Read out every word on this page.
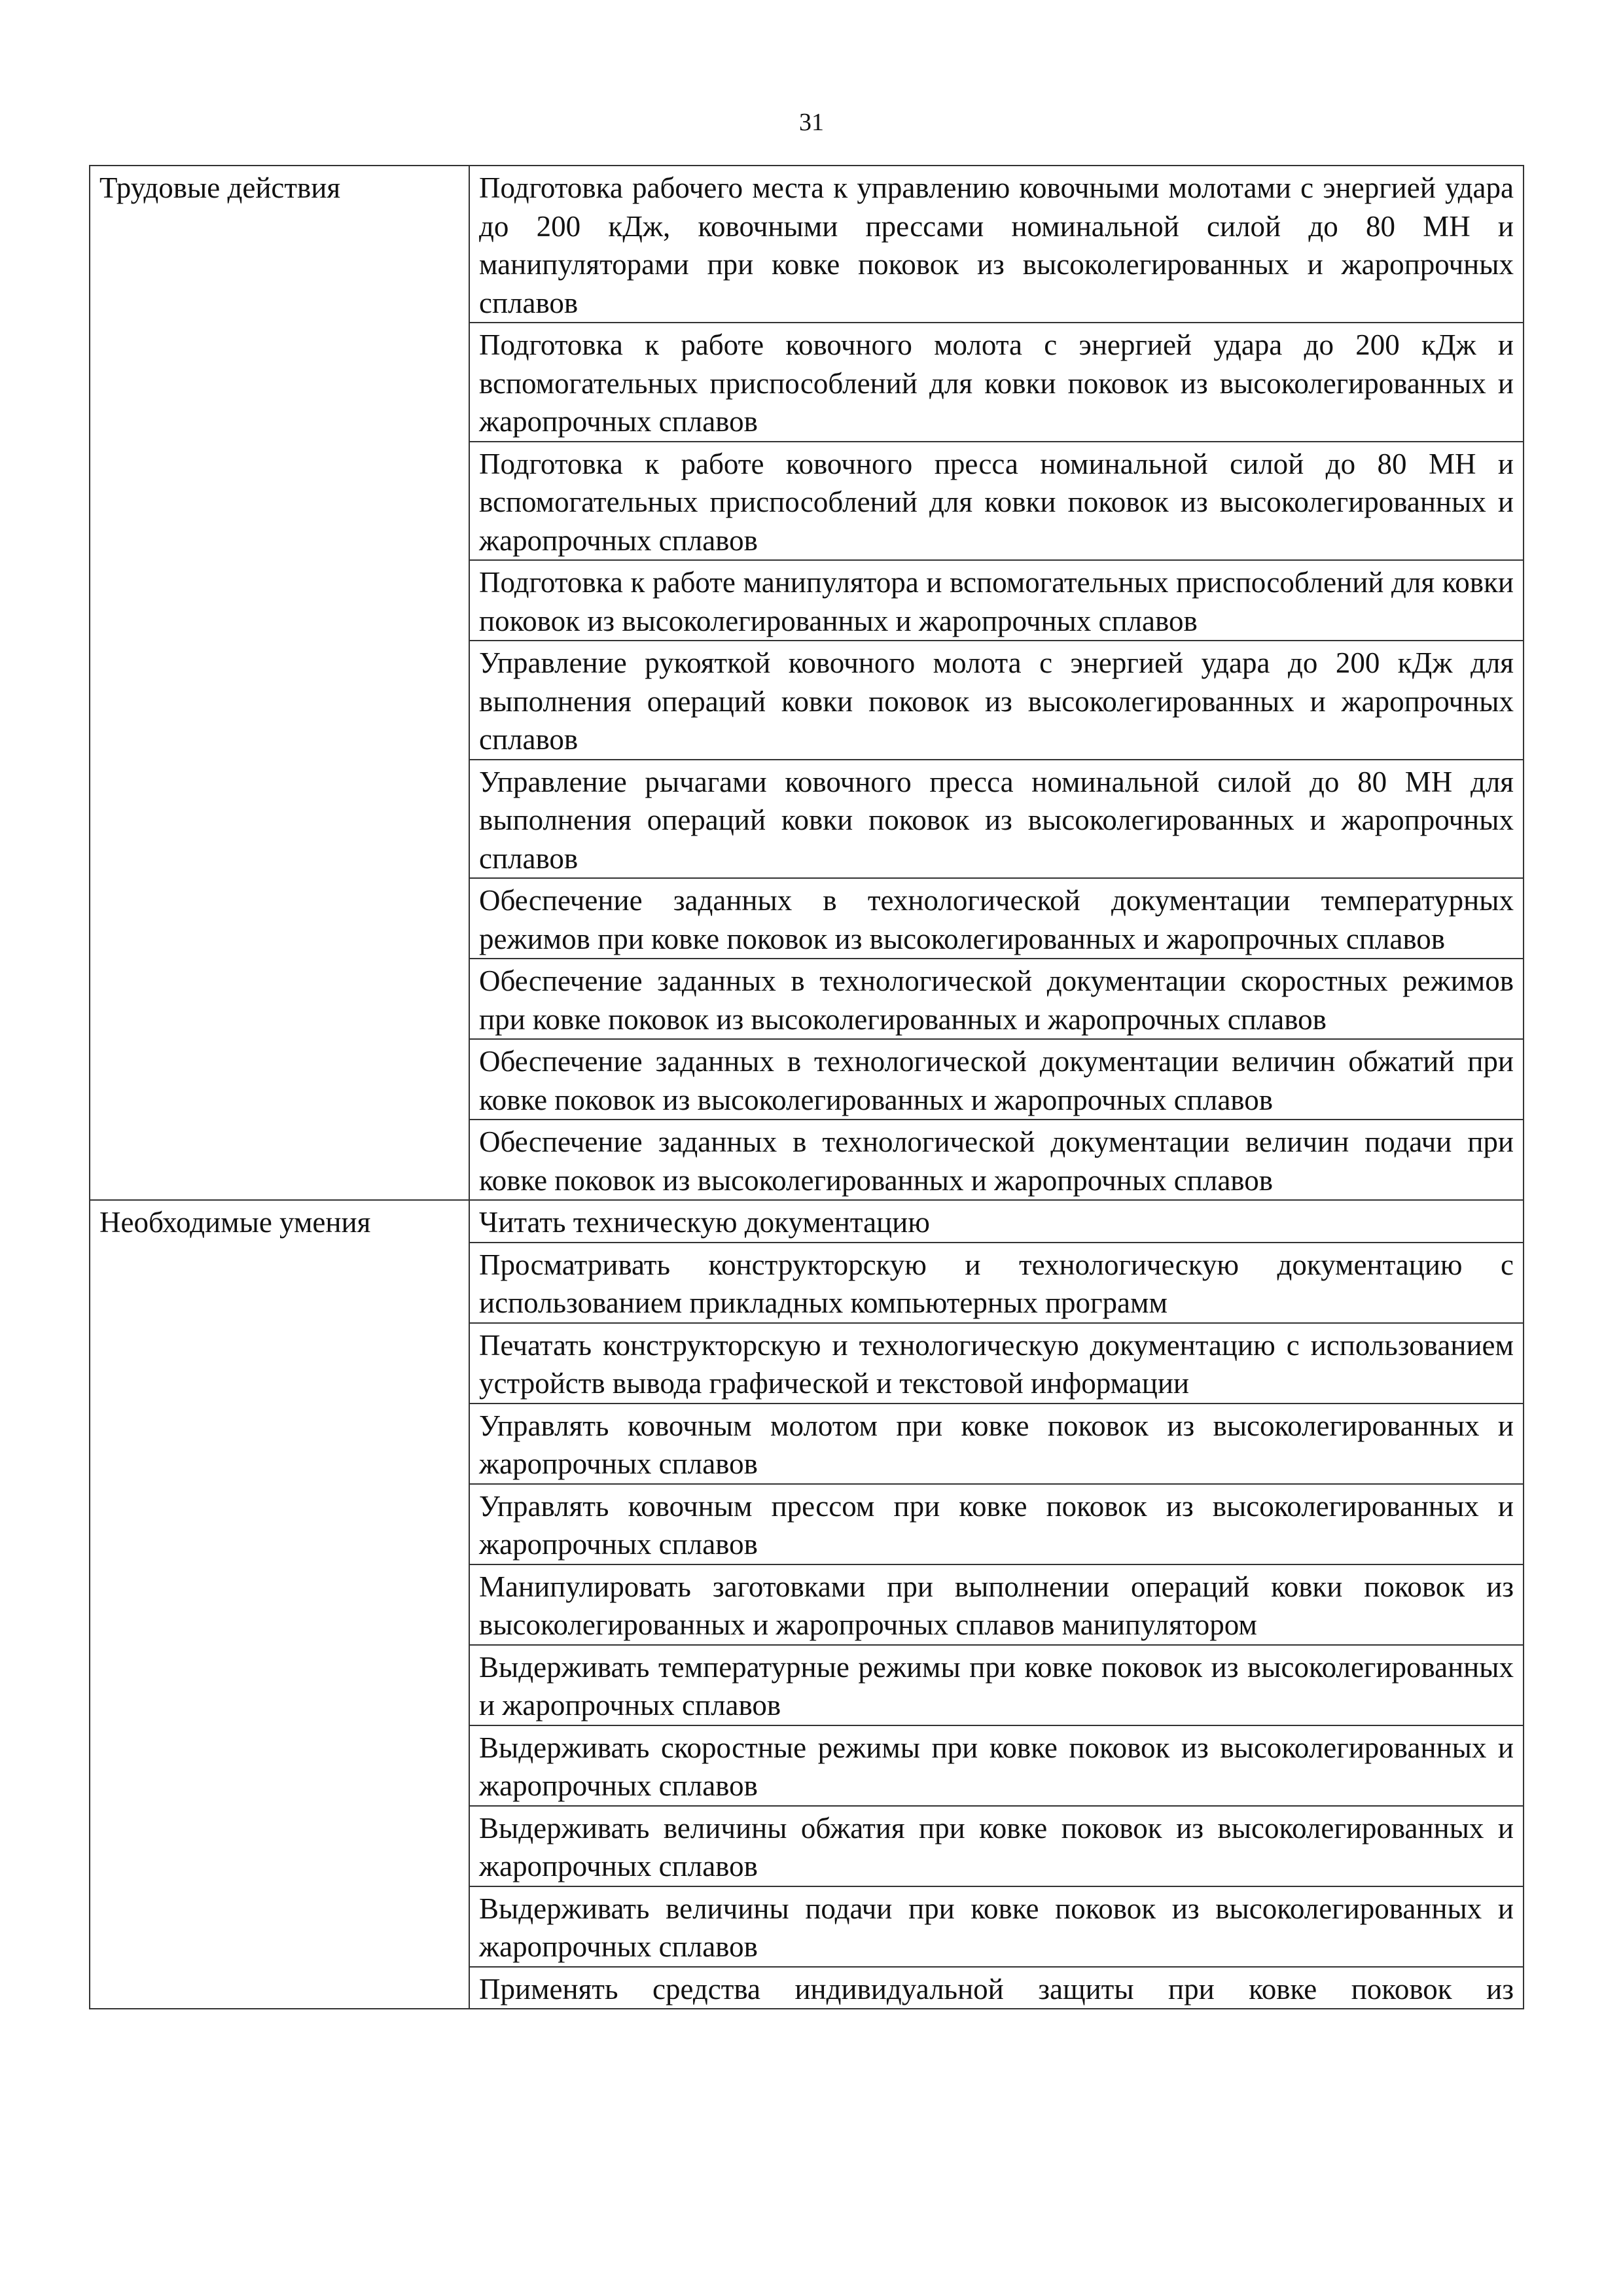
31
Трудовые действия	Подготовка рабочего места к управлению ковочными молотами с энергией удара до 200 кДж, ковочными прессами номинальной силой до 80 МН и манипуляторами при ковке поковок из высоколегированных и жаропрочных сплавов
	Подготовка к работе ковочного молота с энергией удара до 200 кДж и вспомогательных приспособлений для ковки поковок из высоколегированных и жаропрочных сплавов
	Подготовка к работе ковочного пресса номинальной силой до 80 МН и вспомогательных приспособлений для ковки поковок из высоколегированных и жаропрочных сплавов
	Подготовка к работе манипулятора и вспомогательных приспособлений для ковки поковок из высоколегированных и жаропрочных сплавов
	Управление рукояткой ковочного молота с энергией удара до 200 кДж для выполнения операций ковки поковок из высоколегированных и жаропрочных сплавов
	Управление рычагами ковочного пресса номинальной силой до 80 МН для выполнения операций ковки поковок из высоколегированных и жаропрочных сплавов
	Обеспечение заданных в технологической документации температурных режимов при ковке поковок из высоколегированных и жаропрочных сплавов
	Обеспечение заданных в технологической документации скоростных режимов при ковке поковок из высоколегированных и жаропрочных сплавов
	Обеспечение заданных в технологической документации величин обжатий при ковке поковок из высоколегированных и жаропрочных сплавов
	Обеспечение заданных в технологической документации величин подачи при ковке поковок из высоколегированных и жаропрочных сплавов
Необходимые умения	Читать техническую документацию
	Просматривать конструкторскую и технологическую документацию с использованием прикладных компьютерных программ
	Печатать конструкторскую и технологическую документацию с использованием устройств вывода графической и текстовой информации
	Управлять ковочным молотом при ковке поковок из высоколегированных и жаропрочных сплавов
	Управлять ковочным прессом при ковке поковок из высоколегированных и жаропрочных сплавов
	Манипулировать заготовками при выполнении операций ковки поковок из высоколегированных и жаропрочных сплавов манипулятором
	Выдерживать температурные режимы при ковке поковок из высоколегированных и жаропрочных сплавов
	Выдерживать скоростные режимы при ковке поковок из высоколегированных и жаропрочных сплавов
	Выдерживать величины обжатия при ковке поковок из высоколегированных и жаропрочных сплавов
	Выдерживать величины подачи при ковке поковок из высоколегированных и жаропрочных сплавов
	Применять средства индивидуальной защиты при ковке поковок из
